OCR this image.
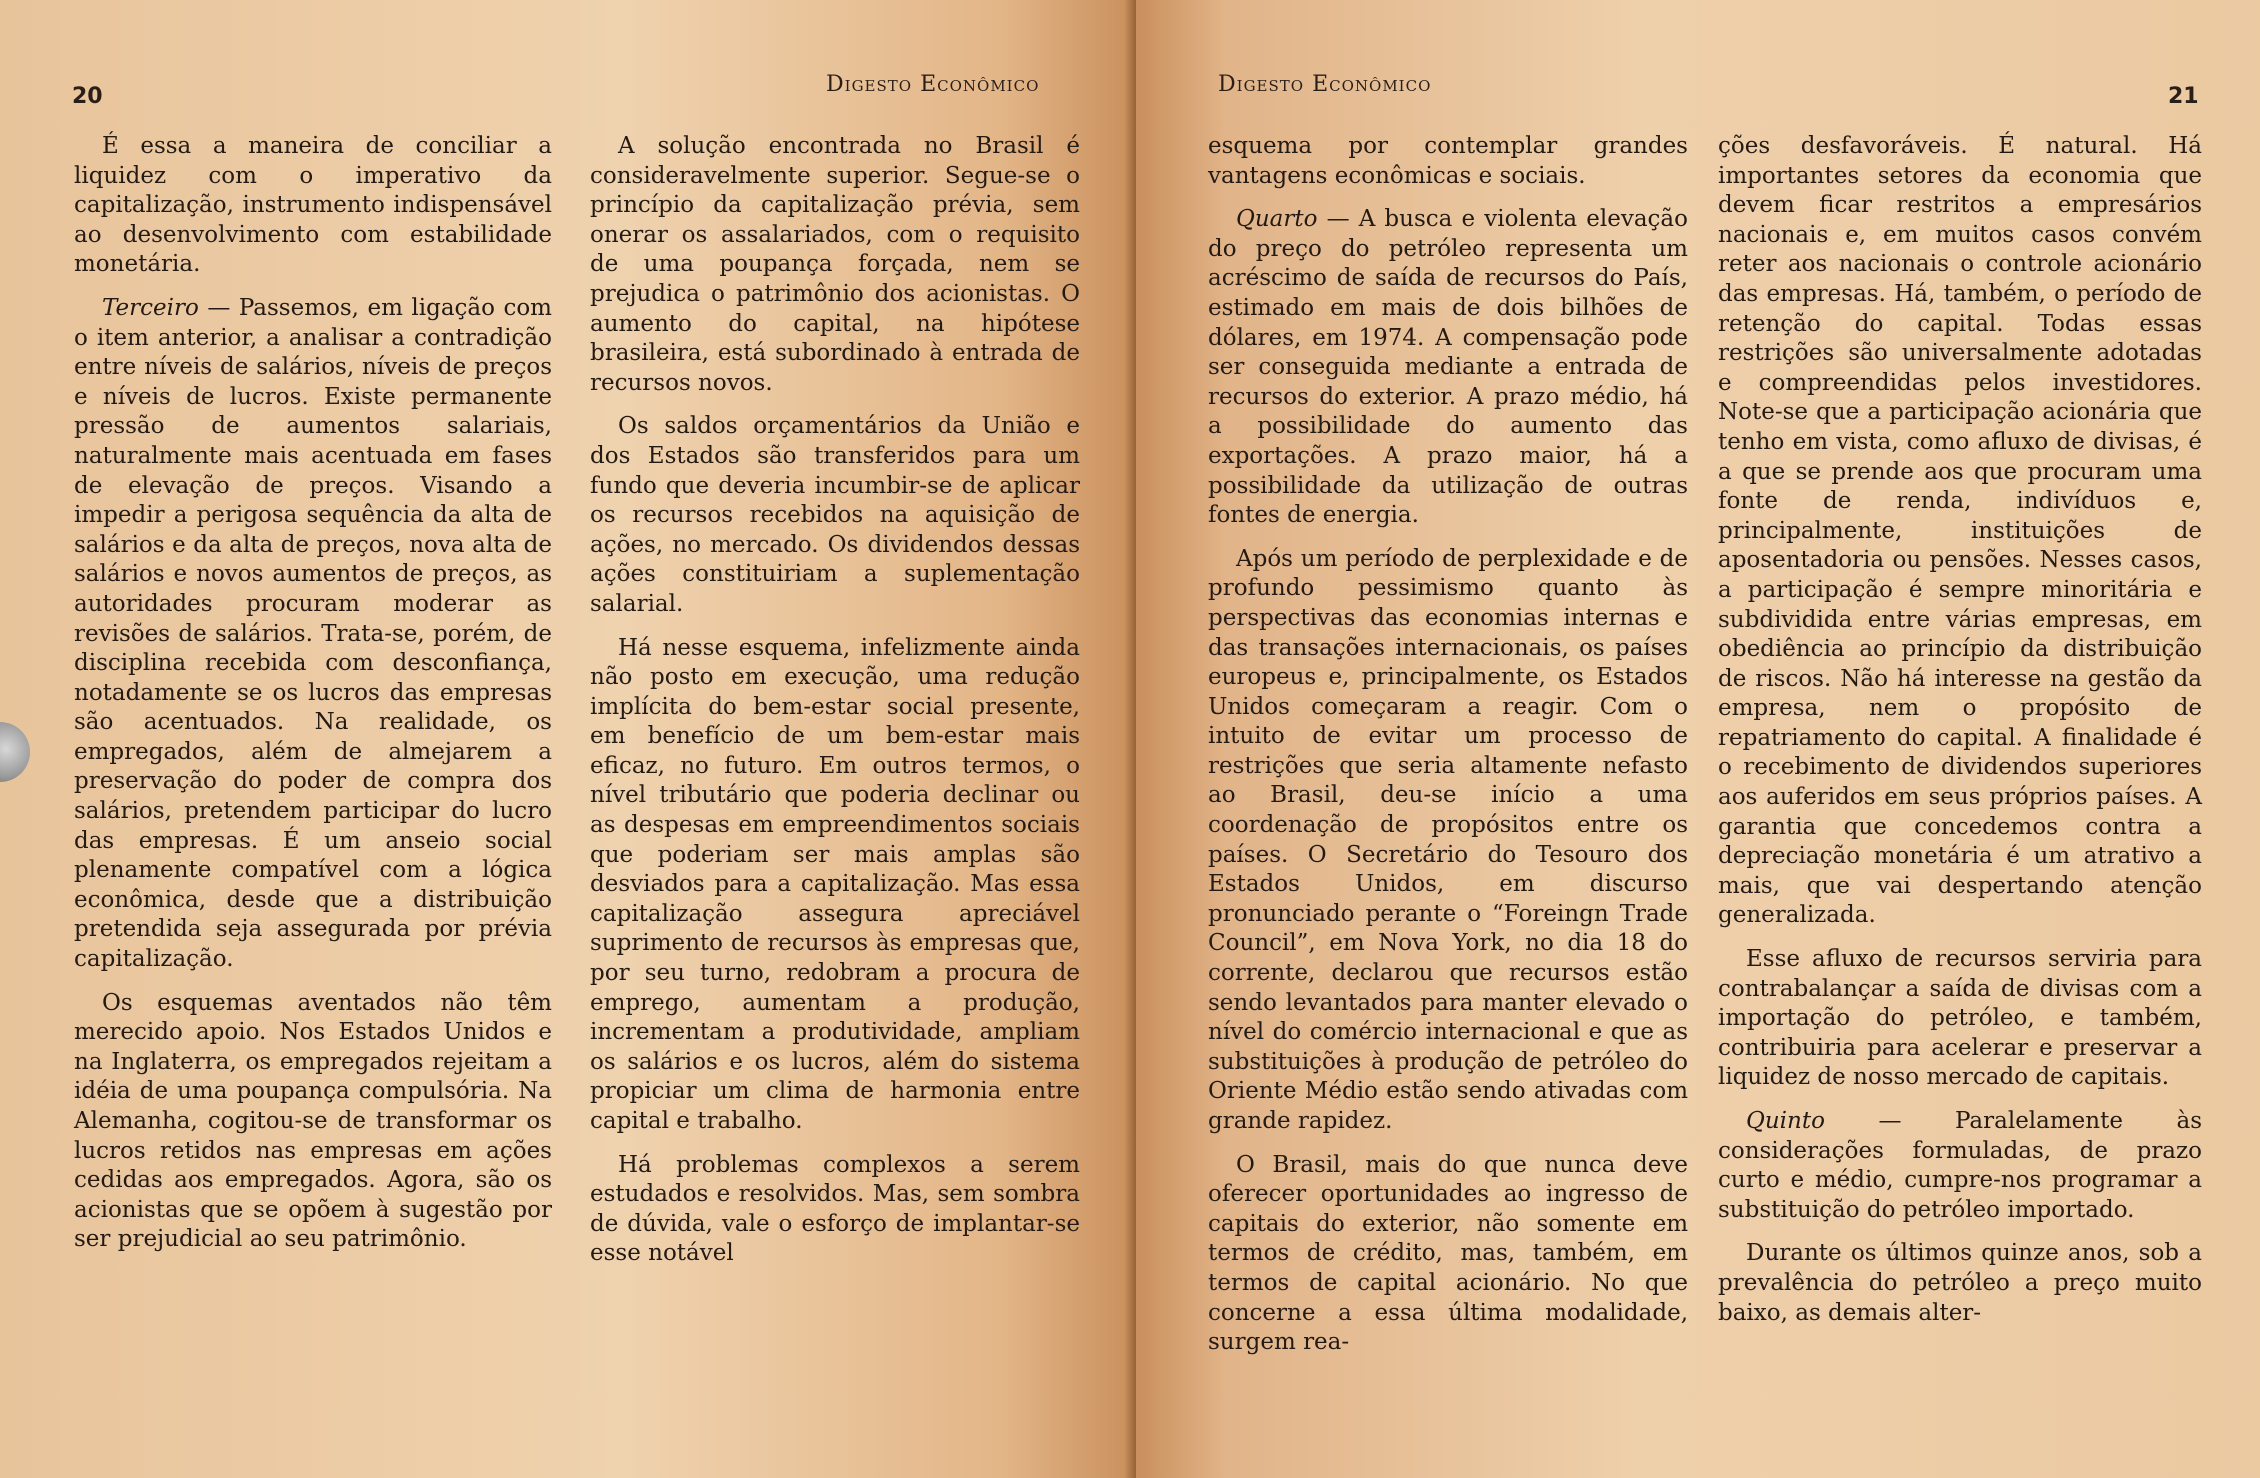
20	Digesto Econômico

É essa a maneira de conciliar a liquidez com o imperativo da capitalização, instrumento indispensável ao desenvolvimento com estabilidade monetária.

Terceiro — Passemos, em ligação com o item anterior, a analisar a contradição entre níveis de salários, níveis de preços e níveis de lucros. Existe permanente pressão de aumentos salariais, naturalmente mais acentuada em fases de elevação de preços. Visando a impedir a perigosa sequência da alta de salários e da alta de preços, nova alta de salários e novos aumentos de preços, as autoridades procuram moderar as revisões de salários. Trata-se, porém, de disciplina recebida com desconfiança, notadamente se os lucros das empresas são acentuados. Na realidade, os empregados, além de almejarem a preservação do poder de compra dos salários, pretendem participar do lucro das empresas. É um anseio social plenamente compatível com a lógica econômica, desde que a distribuição pretendida seja assegurada por prévia capitalização.

Os esquemas aventados não têm merecido apoio. Nos Estados Unidos e na Inglaterra, os empregados rejeitam a idéia de uma poupança compulsória. Na Alemanha, cogitou-se de transformar os lucros retidos nas empresas em ações cedidas aos empregados. Agora, são os acionistas que se opõem à sugestão por ser prejudicial ao seu patrimônio.

A solução encontrada no Brasil é consideravelmente superior. Segue-se o princípio da capitalização prévia, sem onerar os assalariados, com o requisito de uma poupança forçada, nem se prejudica o patrimônio dos acionistas. O aumento do capital, na hipótese brasileira, está subordinado à entrada de recursos novos.

Os saldos orçamentários da União e dos Estados são transferidos para um fundo que deveria incumbir-se de aplicar os recursos recebidos na aquisição de ações, no mercado. Os dividendos dessas ações constituiriam a suplementação salarial.

Há nesse esquema, infelizmente ainda não posto em execução, uma redução implícita do bem-estar social presente, em benefício de um bem-estar mais eficaz, no futuro. Em outros termos, o nível tributário que poderia declinar ou as despesas em empreendimentos sociais que poderiam ser mais amplas são desviados para a capitalização. Mas essa capitalização assegura apreciável suprimento de recursos às empresas que, por seu turno, redobram a procura de emprego, aumentam a produção, incrementam a produtividade, ampliam os salários e os lucros, além do sistema propiciar um clima de harmonia entre capital e trabalho.

Há problemas complexos a serem estudados e resolvidos. Mas, sem sombra de dúvida, vale o esforço de implantar-se esse notável

Digesto Econômico	21

esquema por contemplar grandes vantagens econômicas e sociais.

Quarto — A busca e violenta elevação do preço do petróleo representa um acréscimo de saída de recursos do País, estimado em mais de dois bilhões de dólares, em 1974. A compensação pode ser conseguida mediante a entrada de recursos do exterior. A prazo médio, há a possibilidade do aumento das exportações. A prazo maior, há a possibilidade da utilização de outras fontes de energia.

Após um período de perplexidade e de profundo pessimismo quanto às perspectivas das economias internas e das transações internacionais, os países europeus e, principalmente, os Estados Unidos começaram a reagir. Com o intuito de evitar um processo de restrições que seria altamente nefasto ao Brasil, deu-se início a uma coordenação de propósitos entre os países. O Secretário do Tesouro dos Estados Unidos, em discurso pronunciado perante o “Foreingn Trade Council”, em Nova York, no dia 18 do corrente, declarou que recursos estão sendo levantados para manter elevado o nível do comércio internacional e que as substituições à produção de petróleo do Oriente Médio estão sendo ativadas com grande rapidez.

O Brasil, mais do que nunca deve oferecer oportunidades ao ingresso de capitais do exterior, não somente em termos de crédito, mas, também, em termos de capital acionário. No que concerne a essa última modalidade, surgem rea-

ções desfavoráveis. É natural. Há importantes setores da economia que devem ficar restritos a empresários nacionais e, em muitos casos convém reter aos nacionais o controle acionário das empresas. Há, também, o período de retenção do capital. Todas essas restrições são universalmente adotadas e compreendidas pelos investidores. Note-se que a participação acionária que tenho em vista, como afluxo de divisas, é a que se prende aos que procuram uma fonte de renda, indivíduos e, principalmente, instituições de aposentadoria ou pensões. Nesses casos, a participação é sempre minoritária e subdividida entre várias empresas, em obediência ao princípio da distribuição de riscos. Não há interesse na gestão da empresa, nem o propósito de repatriamento do capital. A finalidade é o recebimento de dividendos superiores aos auferidos em seus próprios países. A garantia que concedemos contra a depreciação monetária é um atrativo a mais, que vai despertando atenção generalizada.

Esse afluxo de recursos serviria para contrabalançar a saída de divisas com a importação do petróleo, e também, contribuiria para acelerar e preservar a liquidez de nosso mercado de capitais.

Quinto — Paralelamente às considerações formuladas, de prazo curto e médio, cumpre-nos programar a substituição do petróleo importado.

Durante os últimos quinze anos, sob a prevalência do petróleo a preço muito baixo, as demais alter-
